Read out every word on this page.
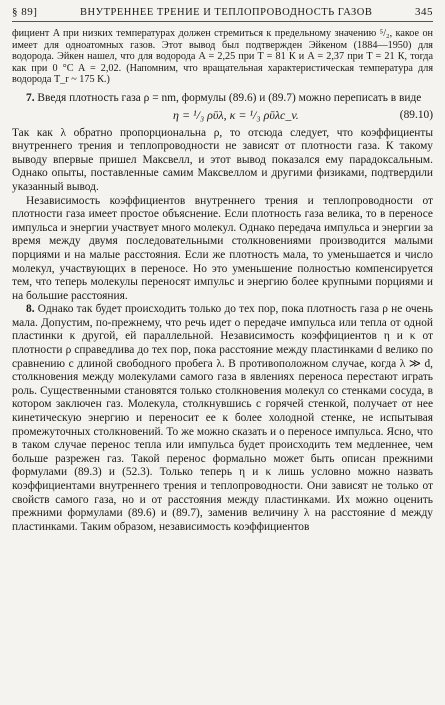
§ 89]	ВНУТРЕННЕЕ ТРЕНИЕ И ТЕПЛОПРОВОДНОСТЬ ГАЗОВ	345

фициент A при низких температурах должен стремиться к предельному значению ⁵/₂, какое он имеет для одноатомных газов. Этот вывод был подтвержден Эйкеном (1884—1950) для водорода. Эйкен нашел, что для водорода A = 2,25 при T = 81 К и A = 2,37 при T = 21 К, тогда как при 0 °C A = 2,02. (Напомним, что вращательная характеристическая температура для водорода T_r ~ 175 К.)

7. Введя плотность газа ρ = nm, формулы (89.6) и (89.7) можно переписать в виде

η = ¹/₃ ρῡλ, κ = ¹/₃ ρῡλc_v.	(89.10)

Так как λ обратно пропорциональна ρ, то отсюда следует, что коэффициенты внутреннего трения и теплопроводности не зависят от плотности газа. К такому выводу впервые пришел Максвелл, и этот вывод показался ему парадоксальным. Однако опыты, поставленные самим Максвеллом и другими физиками, подтвердили указанный вывод.

Независимость коэффициентов внутреннего трения и теплопроводности от плотности газа имеет простое объяснение. Если плотность газа велика, то в переносе импульса и энергии участвует много молекул. Однако передача импульса и энергии за время между двумя последовательными столкновениями производится малыми порциями и на малые расстояния. Если же плотность мала, то уменьшается и число молекул, участвующих в переносе. Но это уменьшение полностью компенсируется тем, что теперь молекулы переносят импульс и энергию более крупными порциями и на большие расстояния.

8. Однако так будет происходить только до тех пор, пока плотность газа ρ не очень мала. Допустим, по-прежнему, что речь идет о передаче импульса или тепла от одной пластинки к другой, ей параллельной. Независимость коэффициентов η и κ от плотности ρ справедлива до тех пор, пока расстояние между пластинками d велико по сравнению с длиной свободного пробега λ. В противоположном случае, когда λ ≫ d, столкновения между молекулами самого газа в явлениях переноса перестают играть роль. Существенными становятся только столкновения молекул со стенками сосуда, в котором заключен газ. Молекула, столкнувшись с горячей стенкой, получает от нее кинетическую энергию и переносит ее к более холодной стенке, не испытывая промежуточных столкновений. То же можно сказать и о переносе импульса. Ясно, что в таком случае перенос тепла или импульса будет происходить тем медленнее, чем больше разрежен газ. Такой перенос формально может быть описан прежними формулами (89.3) и (52.3). Только теперь η и κ лишь условно можно назвать коэффициентами внутреннего трения и теплопроводности. Они зависят не только от свойств самого газа, но и от расстояния между пластинками. Их можно оценить прежними формулами (89.6) и (89.7), заменив величину λ на расстояние d между пластинками. Таким образом, независимость коэффициентов
